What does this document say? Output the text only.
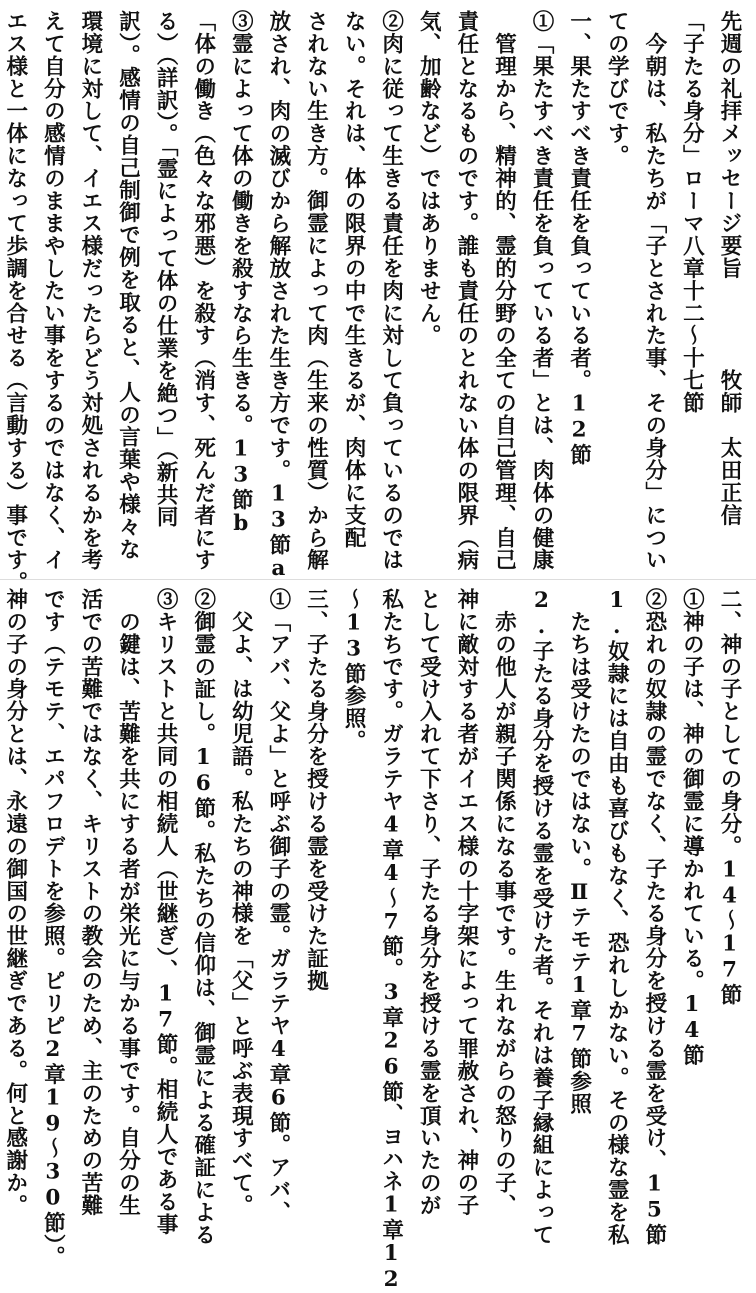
先週の礼拝メッセージ要旨　　　　牧師　太田正信
「子たる身分」ローマ八章十二〜十七節
　今朝は、私たちが「子とされた事、その身分」につい
ての学びです。
一、果たすべき責任を負っている者。12節
①「果たすべき責任を負っている者」とは、肉体の健康
　管理から、精神的、霊的分野の全ての自己管理、自己
責任となるものです。誰も責任のとれない体の限界（病
気、加齢など）ではありません。
②肉に従って生きる責任を肉に対して負っているのでは
ない。それは、体の限界の中で生きるが、肉体に支配
されない生き方。御霊によって肉（生来の性質）から解
放され、肉の滅びから解放された生き方です。13節a
③霊によって体の働きを殺すなら生きる。13節b
「体の働き（色々な邪悪）を殺す（消す、死んだ者にす
る）（詳訳）。「霊によって体の仕業を絶つ」（新共同
訳）。感情の自己制御で例を取ると、人の言葉や様々な
環境に対して、イエス様だったらどう対処されるかを考
えて自分の感情のままやしたい事をするのではなく、イ
エス様と一体になって歩調を合せる（言動する）事です。
二、神の子としての身分。14〜17節
①神の子は、神の御霊に導かれている。14節
②恐れの奴隷の霊でなく、子たる身分を授ける霊を受け、15節
1.奴隷には自由も喜びもなく、恐れしかない。その様な霊を私
　たちは受けたのではない。Ⅱテモテ1章7節参照
2.子たる身分を授ける霊を受けた者。それは養子縁組によって
　赤の他人が親子関係になる事です。生れながらの怒りの子、
神に敵対する者がイエス様の十字架によって罪赦され、神の子
として受け入れて下さり、子たる身分を授ける霊を頂いたのが
私たちです。ガラテヤ4章4〜7節。3章26節、ヨハネ1章12
〜13節参照。
三、子たる身分を授ける霊を受けた証拠
①「アバ、父よ」と呼ぶ御子の霊。ガラテヤ4章6節。アバ、
　父よ、は幼児語。私たちの神様を「父」と呼ぶ表現すべて。
②御霊の証し。16節。私たちの信仰は、御霊による確証による
③キリストと共同の相続人（世継ぎ）、17節。相続人である事
　の鍵は、苦難を共にする者が栄光に与かる事です。自分の生
活での苦難ではなく、キリストの教会のため、主のための苦難
です（テモテ、エパフロデトを参照。ピリピ2章19〜30節）。
神の子の身分とは、永遠の御国の世継ぎである。何と感謝か。
